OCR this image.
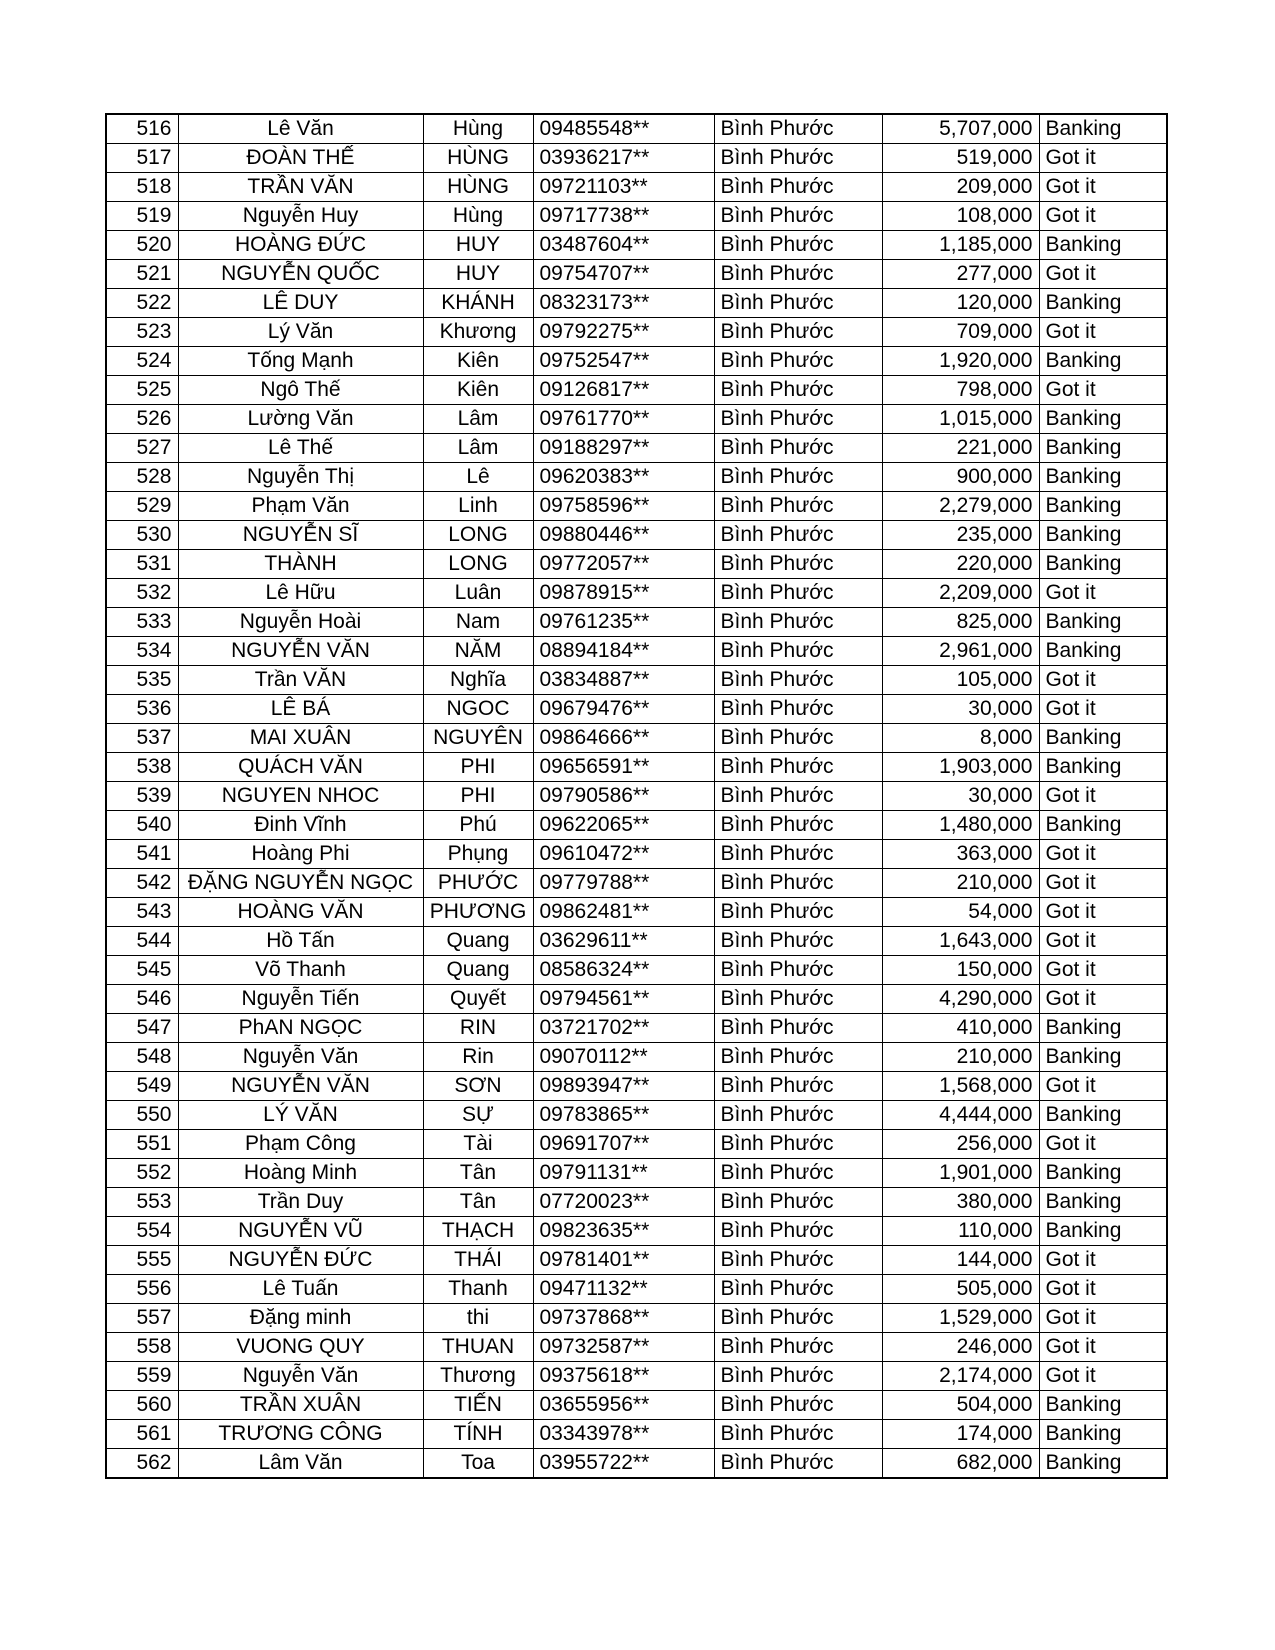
516	Lê Văn	Hùng	09485548**	Bình Phước	5,707,000	Banking
517	ĐOÀN THẾ	HÙNG	03936217**	Bình Phước	519,000	Got it
518	TRẦN VĂN	HÙNG	09721103**	Bình Phước	209,000	Got it
519	Nguyễn Huy	Hùng	09717738**	Bình Phước	108,000	Got it
520	HOÀNG ĐỨC	HUY	03487604**	Bình Phước	1,185,000	Banking
521	NGUYỄN QUỐC	HUY	09754707**	Bình Phước	277,000	Got it
522	LÊ DUY	KHÁNH	08323173**	Bình Phước	120,000	Banking
523	Lý Văn	Khương	09792275**	Bình Phước	709,000	Got it
524	Tống Mạnh	Kiên	09752547**	Bình Phước	1,920,000	Banking
525	Ngô Thế	Kiên	09126817**	Bình Phước	798,000	Got it
526	Lường Văn	Lâm	09761770**	Bình Phước	1,015,000	Banking
527	Lê Thế	Lâm	09188297**	Bình Phước	221,000	Banking
528	Nguyễn Thị	Lê	09620383**	Bình Phước	900,000	Banking
529	Phạm Văn	Linh	09758596**	Bình Phước	2,279,000	Banking
530	NGUYỄN SĨ	LONG	09880446**	Bình Phước	235,000	Banking
531	THÀNH	LONG	09772057**	Bình Phước	220,000	Banking
532	Lê Hữu	Luân	09878915**	Bình Phước	2,209,000	Got it
533	Nguyễn Hoài	Nam	09761235**	Bình Phước	825,000	Banking
534	NGUYỄN VĂN	NĂM	08894184**	Bình Phước	2,961,000	Banking
535	Trần VĂN	Nghĩa	03834887**	Bình Phước	105,000	Got it
536	LÊ BÁ	NGOC	09679476**	Bình Phước	30,000	Got it
537	MAI XUÂN	NGUYÊN	09864666**	Bình Phước	8,000	Banking
538	QUÁCH VĂN	PHI	09656591**	Bình Phước	1,903,000	Banking
539	NGUYEN NHOC	PHI	09790586**	Bình Phước	30,000	Got it
540	Đinh Vĩnh	Phú	09622065**	Bình Phước	1,480,000	Banking
541	Hoàng Phi	Phụng	09610472**	Bình Phước	363,000	Got it
542	ĐẶNG NGUYỄN NGỌC	PHƯỚC	09779788**	Bình Phước	210,000	Got it
543	HOÀNG VĂN	PHƯƠNG	09862481**	Bình Phước	54,000	Got it
544	Hồ Tấn	Quang	03629611**	Bình Phước	1,643,000	Got it
545	Võ Thanh	Quang	08586324**	Bình Phước	150,000	Got it
546	Nguyễn Tiến	Quyết	09794561**	Bình Phước	4,290,000	Got it
547	PhAN NGỌC	RIN	03721702**	Bình Phước	410,000	Banking
548	Nguyễn Văn	Rin	09070112**	Bình Phước	210,000	Banking
549	NGUYỄN VĂN	SƠN	09893947**	Bình Phước	1,568,000	Got it
550	LÝ VĂN	SỰ	09783865**	Bình Phước	4,444,000	Banking
551	Phạm Công	Tài	09691707**	Bình Phước	256,000	Got it
552	Hoàng Minh	Tân	09791131**	Bình Phước	1,901,000	Banking
553	Trần Duy	Tân	07720023**	Bình Phước	380,000	Banking
554	NGUYỄN VŨ	THẠCH	09823635**	Bình Phước	110,000	Banking
555	NGUYỄN ĐỨC	THÁI	09781401**	Bình Phước	144,000	Got it
556	Lê Tuấn	Thanh	09471132**	Bình Phước	505,000	Got it
557	Đặng minh	thi	09737868**	Bình Phước	1,529,000	Got it
558	VUONG QUY	THUAN	09732587**	Bình Phước	246,000	Got it
559	Nguyễn Văn	Thương	09375618**	Bình Phước	2,174,000	Got it
560	TRẦN XUÂN	TIẾN	03655956**	Bình Phước	504,000	Banking
561	TRƯƠNG CÔNG	TÍNH	03343978**	Bình Phước	174,000	Banking
562	Lâm Văn	Toa	03955722**	Bình Phước	682,000	Banking
